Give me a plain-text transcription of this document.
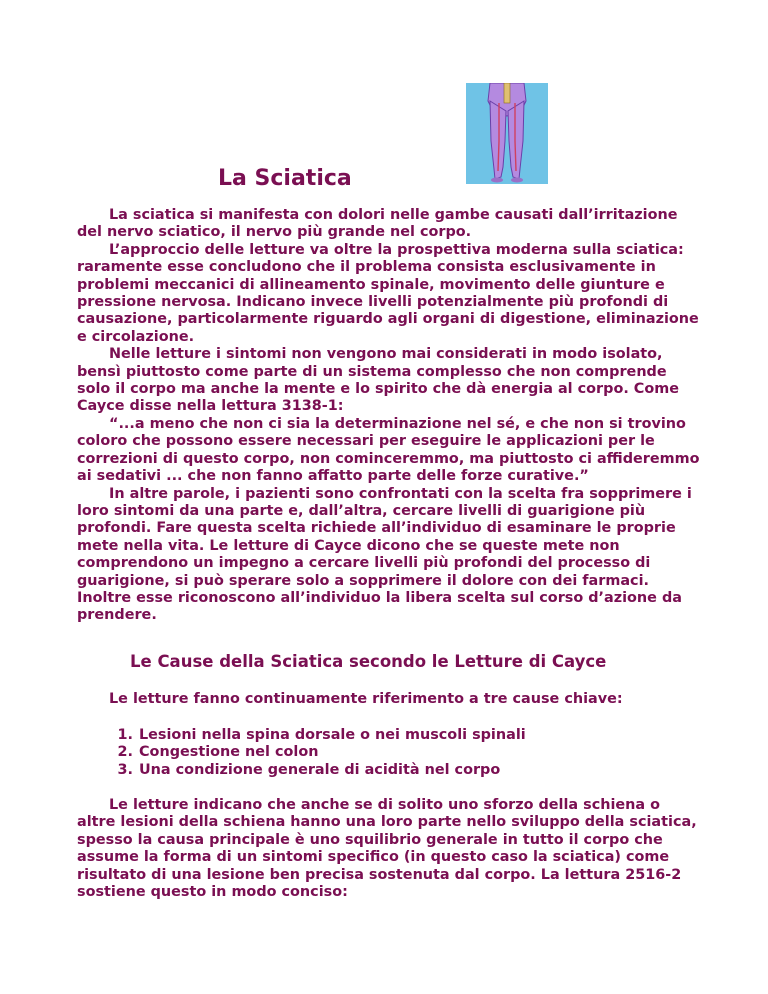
La Sciatica

La sciatica si manifesta con dolori nelle gambe causati dall’irritazione del nervo sciatico, il nervo più grande nel corpo.

L’approccio delle letture va oltre la prospettiva moderna sulla sciatica: raramente esse concludono che il problema consista esclusivamente in problemi meccanici di allineamento spinale, movimento delle giunture e pressione nervosa. Indicano invece livelli potenzialmente più profondi di causazione, particolarmente riguardo agli organi di digestione, eliminazione e circolazione.

Nelle letture i sintomi non vengono mai considerati in modo isolato, bensì piuttosto come parte di un sistema complesso che non comprende solo il corpo ma anche la mente e lo spirito che dà energia al corpo. Come Cayce disse nella lettura 3138-1:

“...a meno che non ci sia la determinazione nel sé, e che non si trovino coloro che possono essere necessari per eseguire le applicazioni per le correzioni di questo corpo, non cominceremmo, ma piuttosto ci affideremmo ai sedativi ... che non fanno affatto parte delle forze curative.”

In altre parole, i pazienti sono confrontati con la scelta fra sopprimere i loro sintomi da una parte e, dall’altra, cercare livelli di guarigione più profondi. Fare questa scelta richiede all’individuo di esaminare le proprie mete nella vita. Le letture di Cayce dicono che se queste mete non comprendono un impegno a cercare livelli più profondi del processo di guarigione, si può sperare solo a sopprimere il dolore con dei farmaci. Inoltre esse riconoscono all’individuo la libera scelta sul corso d’azione da prendere.

Le Cause della Sciatica secondo le Letture di Cayce

Le letture fanno continuamente riferimento a tre cause chiave:

1. Lesioni nella spina dorsale o nei muscoli spinali
2. Congestione nel colon
3. Una condizione generale di acidità nel corpo

Le letture indicano che anche se di solito uno sforzo della schiena o altre lesioni della schiena hanno una loro parte nello sviluppo della sciatica, spesso la causa principale è uno squilibrio generale in tutto il corpo che assume la forma di un sintomi specifico (in questo caso la sciatica) come risultato di una lesione ben precisa sostenuta dal corpo. La lettura 2516-2 sostiene questo in modo conciso:
